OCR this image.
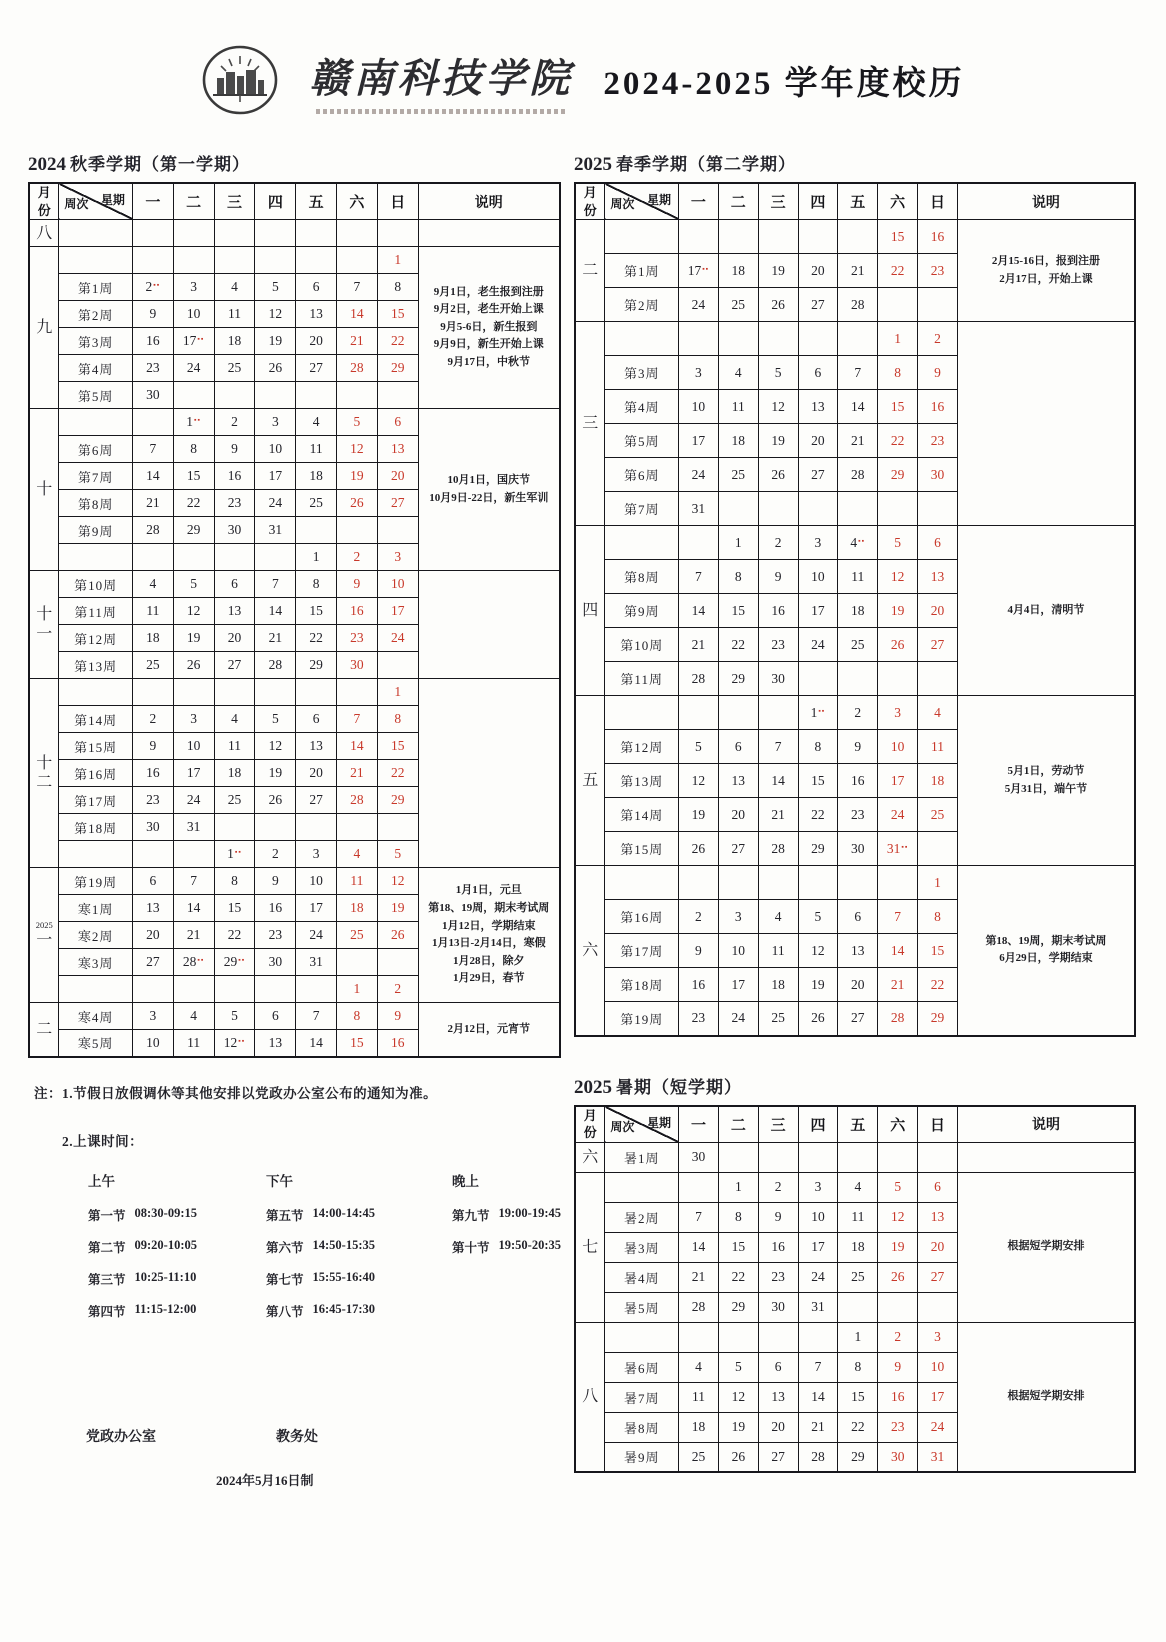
赣南科技学院 2024-2025 学年度校历
2024 秋季学期（第一学期）
月
份	星期
周次	一	二	三	四	五	六	日	说明

八									

九								1	9月1日，老生报到注册
9月2日，老生开始上课
9月5-6日，新生报到
9月9日，新生开始上课
9月17日，中秋节

	第1周	2▪▪	3	4	5	6	7	8	
	第2周	9	10	11	12	13	14	15	
	第3周	16	17▪▪	18	19	20	21	22	
	第4周	23	24	25	26	27	28	29	
	第5周	30							

十			1▪▪	2	3	4	5	6	10月1日，国庆节
10月9日-22日，新生军训

	第6周	7	8	9	10	11	12	13	
	第7周	14	15	16	17	18	19	20	
	第8周	21	22	23	24	25	26	27	
	第9周	28	29	30	31				
						1	2	3	

十
一	第10周	4	5	6	7	8	9	10	
	第11周	11	12	13	14	15	16	17	
	第12周	18	19	20	21	22	23	24	
	第13周	25	26	27	28	29	30		

十
二								1	
	第14周	2	3	4	5	6	7	8	
	第15周	9	10	11	12	13	14	15	
	第16周	16	17	18	19	20	21	22	
	第17周	23	24	25	26	27	28	29	
	第18周	30	31						
				1▪▪	2	3	4	5	

2025
一
	第19周	6	7	8	9	10	11	12	
1月1日，元旦
第18、19周，期末考试周
1月12日，学期结束
1月13日-2月14日，寒假
1月28日，除夕
1月29日，春节

	寒1周	13	14	15	16	17	18	19	
	寒2周	20	21	22	23	24	25	26	
	寒3周	27	28▪▪	29▪▪	30	31			
							1	2	

二	寒4周	3	4	5	6	7	8	9	2月12日，元宵节

	寒5周	10	11	12▪▪	13	14	15	16	

注：1.节假日放假调休等其他安排以党政办公室公布的通知为准。

2.上课时间：

上午
第一节 08:30-09:15
第二节 09:20-10:05
第三节 10:25-11:10
第四节 11:15-12:00
下午
第五节 14:00-14:45
第六节 14:50-15:35
第七节 15:55-16:40
第八节 16:45-17:30
晚上
第九节 19:00-19:45
第十节 19:50-20:35
党政办公室	教务处
2024年5月16日制
2025 春季学期（第二学期）
月
份	星期
周次	一	二	三	四	五	六	日	说明

二							15	16	2月15-16日，报到注册
2月17日，开始上课

	第1周	17▪▪	18	19	20	21	22	23	
	第2周	24	25	26	27	28			

三							1	2	
	第3周	3	4	5	6	7	8	9	
	第4周	10	11	12	13	14	15	16	
	第5周	17	18	19	20	21	22	23	
	第6周	24	25	26	27	28	29	30	
	第7周	31							

四			1	2	3	4▪▪	5	6	4月4日，清明节

	第8周	7	8	9	10	11	12	13	
	第9周	14	15	16	17	18	19	20	
	第10周	21	22	23	24	25	26	27	
	第11周	28	29	30					

五					1▪▪	2	3	4	5月1日，劳动节
5月31日，端午节

	第12周	5	6	7	8	9	10	11	
	第13周	12	13	14	15	16	17	18	
	第14周	19	20	21	22	23	24	25	
	第15周	26	27	28	29	30	31▪▪	

六								1	第18、19周，期末考试周
6月29日，学期结束

	第16周	2	3	4	5	6	7	8	
	第17周	9	10	11	12	13	14	15	
	第18周	16	17	18	19	20	21	22	
	第19周	23	24	25	26	27	28	29	
2025 暑期（短学期）
月
份	星期
周次	一	二	三	四	五	六	日	说明

六	暑1周	30							

七			1	2	3	4	5	6	根据短学期安排

	暑2周	7	8	9	10	11	12	13	
	暑3周	14	15	16	17	18	19	20	
	暑4周	21	22	23	24	25	26	27	
	暑5周	28	29	30	31				

八						1	2	3	根据短学期安排

	暑6周	4	5	6	7	8	9	10	
	暑7周	11	12	13	14	15	16	17	
	暑8周	18	19	20	21	22	23	24	
	暑9周	25	26	27	28	29	30	31	
